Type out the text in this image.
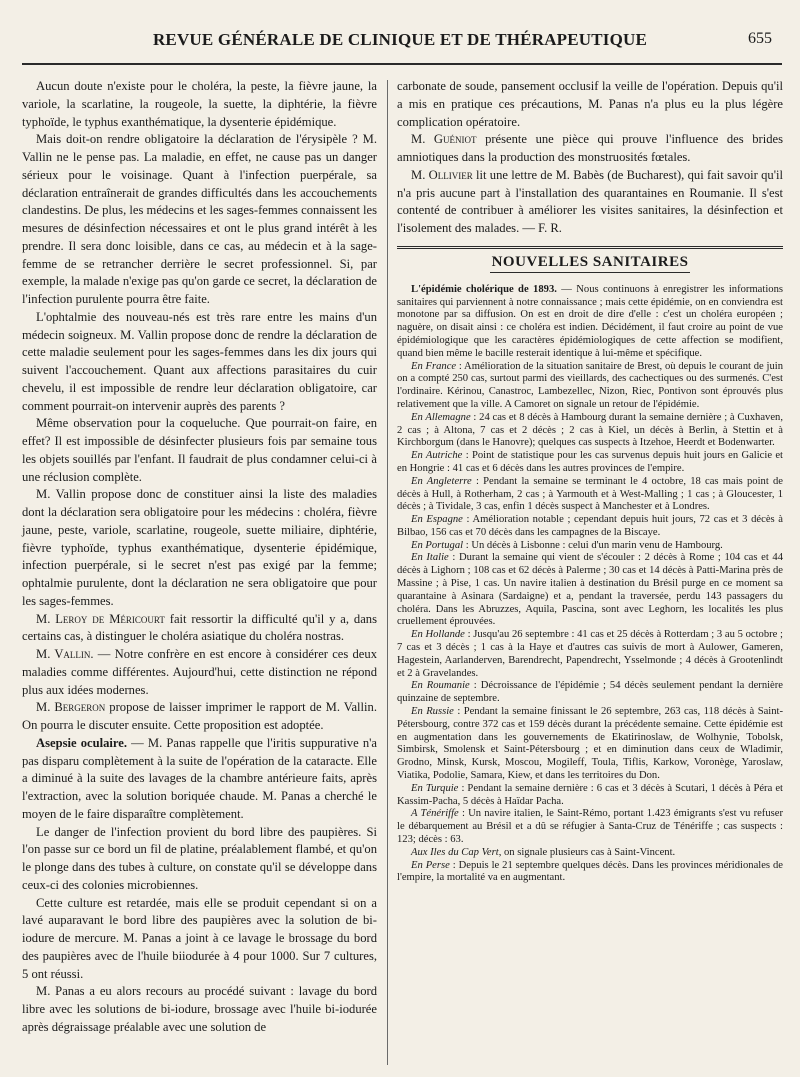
REVUE GÉNÉRALE DE CLINIQUE ET DE THÉRAPEUTIQUE	655

Aucun doute n'existe pour le choléra, la peste, la fièvre jaune, la variole, la scarlatine, la rougeole, la suette, la diphtérie, la fièvre typhoïde, le typhus exanthématique, la dysenterie épidémique.

Mais doit-on rendre obligatoire la déclaration de l'érysipèle ? M. Vallin ne le pense pas. La maladie, en effet, ne cause pas un danger sérieux pour le voisinage. Quant à l'infection puerpérale, sa déclaration entraînerait de grandes difficultés dans les accouchements clandestins. De plus, les médecins et les sages-femmes connaissent les mesures de désinfection nécessaires et ont le plus grand intérêt à les prendre. Il sera donc loisible, dans ce cas, au médecin et à la sage-femme de se retrancher derrière le secret professionnel. Si, par exemple, la malade n'exige pas qu'on garde ce secret, la déclaration de l'infection purulente pourra être faite.

L'ophtalmie des nouveau-nés est très rare entre les mains d'un médecin soigneux. M. Vallin propose donc de rendre la déclaration de cette maladie seulement pour les sages-femmes dans les dix jours qui suivent l'accouchement. Quant aux affections parasitaires du cuir chevelu, il est impossible de rendre leur déclaration obligatoire, car comment pourrait-on intervenir auprès des parents ?

Même observation pour la coqueluche. Que pourrait-on faire, en effet? Il est impossible de désinfecter plusieurs fois par semaine tous les objets souillés par l'enfant. Il faudrait de plus condamner celui-ci à une réclusion complète.

M. Vallin propose donc de constituer ainsi la liste des maladies dont la déclaration sera obligatoire pour les médecins : choléra, fièvre jaune, peste, variole, scarlatine, rougeole, suette miliaire, diphtérie, fièvre typhoïde, typhus exanthématique, dysenterie épidémique, infection puerpérale, si le secret n'est pas exigé par la femme; ophtalmie purulente, dont la déclaration ne sera obligatoire que pour les sages-femmes.

M. Leroy de Méricourt fait ressortir la difficulté qu'il y a, dans certains cas, à distinguer le choléra asiatique du choléra nostras.

M. Vallin. — Notre confrère en est encore à considérer ces deux maladies comme différentes. Aujourd'hui, cette distinction ne répond plus aux idées modernes.

M. Bergeron propose de laisser imprimer le rapport de M. Vallin. On pourra le discuter ensuite. Cette proposition est adoptée.

Asepsie oculaire. — M. Panas rappelle que l'iritis suppurative n'a pas disparu complètement à la suite de l'opération de la cataracte. Elle a diminué à la suite des lavages de la chambre antérieure faits, après l'extraction, avec la solution boriquée chaude. M. Panas a cherché le moyen de le faire disparaître complètement.

Le danger de l'infection provient du bord libre des paupières. Si l'on passe sur ce bord un fil de platine, préalablement flambé, et qu'on le plonge dans des tubes à culture, on constate qu'il se développe dans ceux-ci des colonies microbiennes.

Cette culture est retardée, mais elle se produit cependant si on a lavé auparavant le bord libre des paupières avec la solution de bi-iodure de mercure. M. Panas a joint à ce lavage le brossage du bord des paupières avec de l'huile biiodurée à 4 pour 1000. Sur 7 cultures, 5 ont réussi.

M. Panas a eu alors recours au procédé suivant : lavage du bord libre avec les solutions de bi-iodure, brossage avec l'huile bi-iodurée après dégraissage préalable avec une solution de

carbonate de soude, pansement occlusif la veille de l'opération. Depuis qu'il a mis en pratique ces précautions, M. Panas n'a plus eu la plus légère complication opératoire.

M. Guéniot présente une pièce qui prouve l'influence des brides amniotiques dans la production des monstruosités fœtales.

M. Ollivier lit une lettre de M. Babès (de Bucharest), qui fait savoir qu'il n'a pris aucune part à l'installation des quarantaines en Roumanie. Il s'est contenté de contribuer à améliorer les visites sanitaires, la désinfection et l'isolement des malades. — F. R.

NOUVELLES SANITAIRES

L'épidémie cholérique de 1893. — Nous continuons à enregistrer les informations sanitaires qui parviennent à notre connaissance ; mais cette épidémie, on en conviendra est monotone par sa diffusion. On est en droit de dire d'elle : c'est un choléra européen ; naguère, on disait ainsi : ce choléra est indien. Décidément, il faut croire au point de vue épidémiologique que les caractères épidémiologiques de cette affection se modifient, quand bien même le bacille resterait identique à lui-même et spécifique.

En France : Amélioration de la situation sanitaire de Brest, où depuis le courant de juin on a compté 250 cas, surtout parmi des vieillards, des cachectiques ou des surmenés. C'est l'ordinaire. Kérinou, Canastroc, Lambezellec, Nizon, Riec, Pontivon sont éprouvés plus relativement que la ville. A Camoret on signale un retour de l'épidémie.

En Allemagne : 24 cas et 8 décès à Hambourg durant la semaine dernière ; à Cuxhaven, 2 cas ; à Altona, 7 cas et 2 décès ; 2 cas à Kiel, un décès à Berlin, à Stettin et à Kirchborgum (dans le Hanovre); quelques cas suspects à Itzehoe, Heerdt et Bodenwarter.

En Autriche : Point de statistique pour les cas survenus depuis huit jours en Galicie et en Hongrie : 41 cas et 6 décès dans les autres provinces de l'empire.

En Angleterre : Pendant la semaine se terminant le 4 octobre, 18 cas mais point de décès à Hull, à Rotherham, 2 cas ; à Yarmouth et à West-Malling ; 1 cas ; à Gloucester, 1 décès ; à Tividale, 3 cas, enfin 1 décès suspect à Manchester et à Londres.

En Espagne : Amélioration notable ; cependant depuis huit jours, 72 cas et 3 décès à Bilbao, 156 cas et 70 décès dans les campagnes de la Biscaye.

En Portugal : Un décès à Lisbonne : celui d'un marin venu de Hambourg.

En Italie : Durant la semaine qui vient de s'écouler : 2 décès à Rome ; 104 cas et 44 décès à Lighorn ; 108 cas et 62 décès à Palerme ; 30 cas et 14 décès à Patti-Marina près de Massine ; à Pise, 1 cas. Un navire italien à destination du Brésil purge en ce moment sa quarantaine à Asinara (Sardaigne) et a, pendant la traversée, perdu 143 passagers du choléra. Dans les Abruzzes, Aquila, Pascina, sont avec Leghorn, les localités les plus cruellement éprouvées.

En Hollande : Jusqu'au 26 septembre : 41 cas et 25 décès à Rotterdam ; 3 au 5 octobre ; 7 cas et 3 décès ; 1 cas à la Haye et d'autres cas suivis de mort à Aulower, Gameren, Hagestein, Aarlanderven, Barendrecht, Papendrecht, Ysselmonde ; 4 décès à Grootenlindt et 2 à Gravelandes.

En Roumanie : Décroissance de l'épidémie ; 54 décès seulement pendant la dernière quinzaine de septembre.

En Russie : Pendant la semaine finissant le 26 septembre, 263 cas, 118 décès à Saint-Pétersbourg, contre 372 cas et 159 décès durant la précédente semaine. Cette épidémie est en augmentation dans les gouvernements de Ekatirinoslaw, de Wolhynie, Tobolsk, Simbirsk, Smolensk et Saint-Pétersbourg ; et en diminution dans ceux de Wladimir, Grodno, Minsk, Kursk, Moscou, Mogileff, Toula, Tiflis, Karkow, Voronège, Yaroslaw, Viatika, Podolie, Samara, Kiew, et dans les territoires du Don.

En Turquie : Pendant la semaine dernière : 6 cas et 3 décès à Scutari, 1 décès à Péra et Kassim-Pacha, 5 décès à Haïdar Pacha.

A Ténériffe : Un navire italien, le Saint-Rémo, portant 1.423 émigrants s'est vu refuser le débarquement au Brésil et a dû se réfugier à Santa-Cruz de Ténériffe ; cas suspects : 123; décès : 63.

Aux Iles du Cap Vert, on signale plusieurs cas à Saint-Vincent.

En Perse : Depuis le 21 septembre quelques décès. Dans les provinces méridionales de l'empire, la mortalité va en augmentant.
